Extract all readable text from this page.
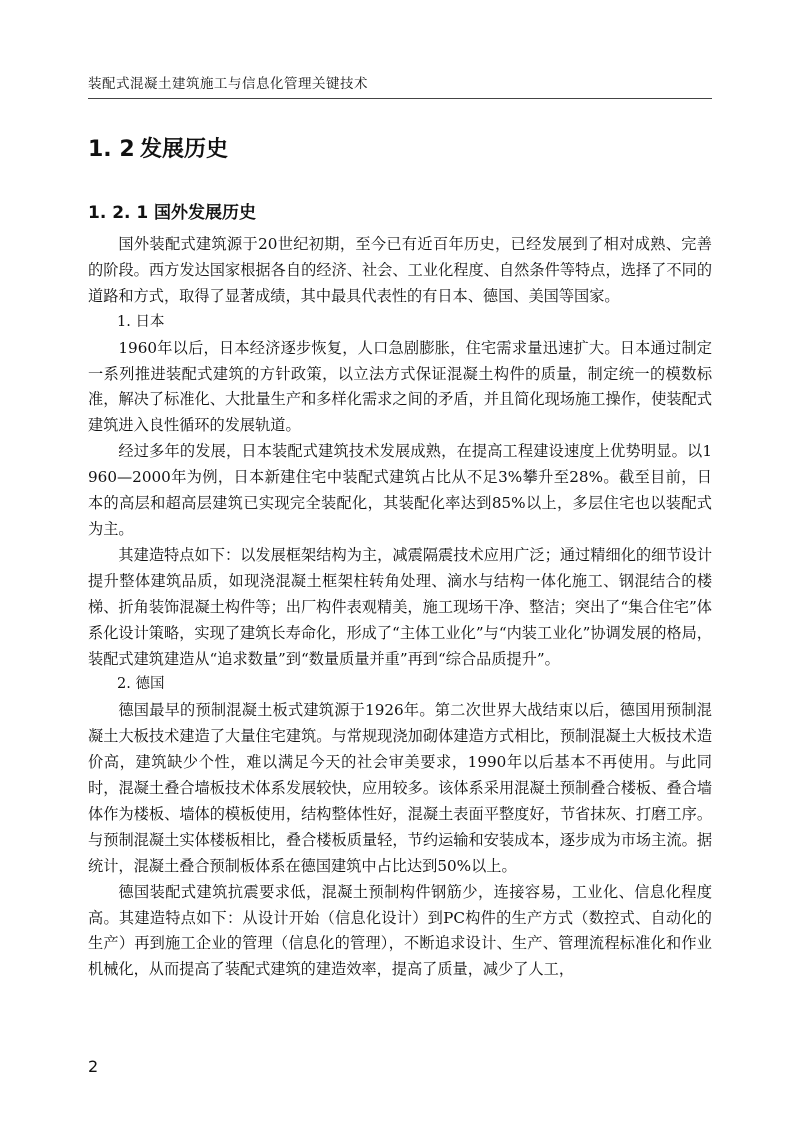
装配式混凝土建筑施工与信息化管理关键技术
1. 2 发展历史
1. 2. 1 国外发展历史

国外装配式建筑源于20世纪初期，至今已有近百年历史，已经发展到了相对成熟、完善的阶段。西方发达国家根据各自的经济、社会、工业化程度、自然条件等特点，选择了不同的道路和方式，取得了显著成绩，其中最具代表性的有日本、德国、美国等国家。

1. 日本

1960年以后，日本经济逐步恢复，人口急剧膨胀，住宅需求量迅速扩大。日本通过制定一系列推进装配式建筑的方针政策，以立法方式保证混凝土构件的质量，制定统一的模数标准，解决了标准化、大批量生产和多样化需求之间的矛盾，并且简化现场施工操作，使装配式建筑进入良性循环的发展轨道。

经过多年的发展，日本装配式建筑技术发展成熟，在提高工程建设速度上优势明显。以1960—2000年为例，日本新建住宅中装配式建筑占比从不足3%攀升至28%。截至目前，日本的高层和超高层建筑已实现完全装配化，其装配化率达到85%以上，多层住宅也以装配式为主。

其建造特点如下：以发展框架结构为主，减震隔震技术应用广泛；通过精细化的细节设计提升整体建筑品质，如现浇混凝土框架柱转角处理、滴水与结构一体化施工、钢混结合的楼梯、折角装饰混凝土构件等；出厂构件表观精美，施工现场干净、整洁；突出了“集合住宅”体系化设计策略，实现了建筑长寿命化，形成了“主体工业化”与“内装工业化”协调发展的格局，装配式建筑建造从“追求数量”到“数量质量并重”再到“综合品质提升”。

2. 德国

德国最早的预制混凝土板式建筑源于1926年。第二次世界大战结束以后，德国用预制混凝土大板技术建造了大量住宅建筑。与常规现浇加砌体建造方式相比，预制混凝土大板技术造价高，建筑缺少个性，难以满足今天的社会审美要求，1990年以后基本不再使用。与此同时，混凝土叠合墙板技术体系发展较快，应用较多。该体系采用混凝土预制叠合楼板、叠合墙体作为楼板、墙体的模板使用，结构整体性好，混凝土表面平整度好，节省抹灰、打磨工序。与预制混凝土实体楼板相比，叠合楼板质量轻，节约运输和安装成本，逐步成为市场主流。据统计，混凝土叠合预制板体系在德国建筑中占比达到50%以上。

德国装配式建筑抗震要求低，混凝土预制构件钢筋少，连接容易，工业化、信息化程度高。其建造特点如下：从设计开始（信息化设计）到PC构件的生产方式（数控式、自动化的生产）再到施工企业的管理（信息化的管理），不断追求设计、生产、管理流程标准化和作业机械化，从而提高了装配式建筑的建造效率，提高了质量，减少了人工，

2
